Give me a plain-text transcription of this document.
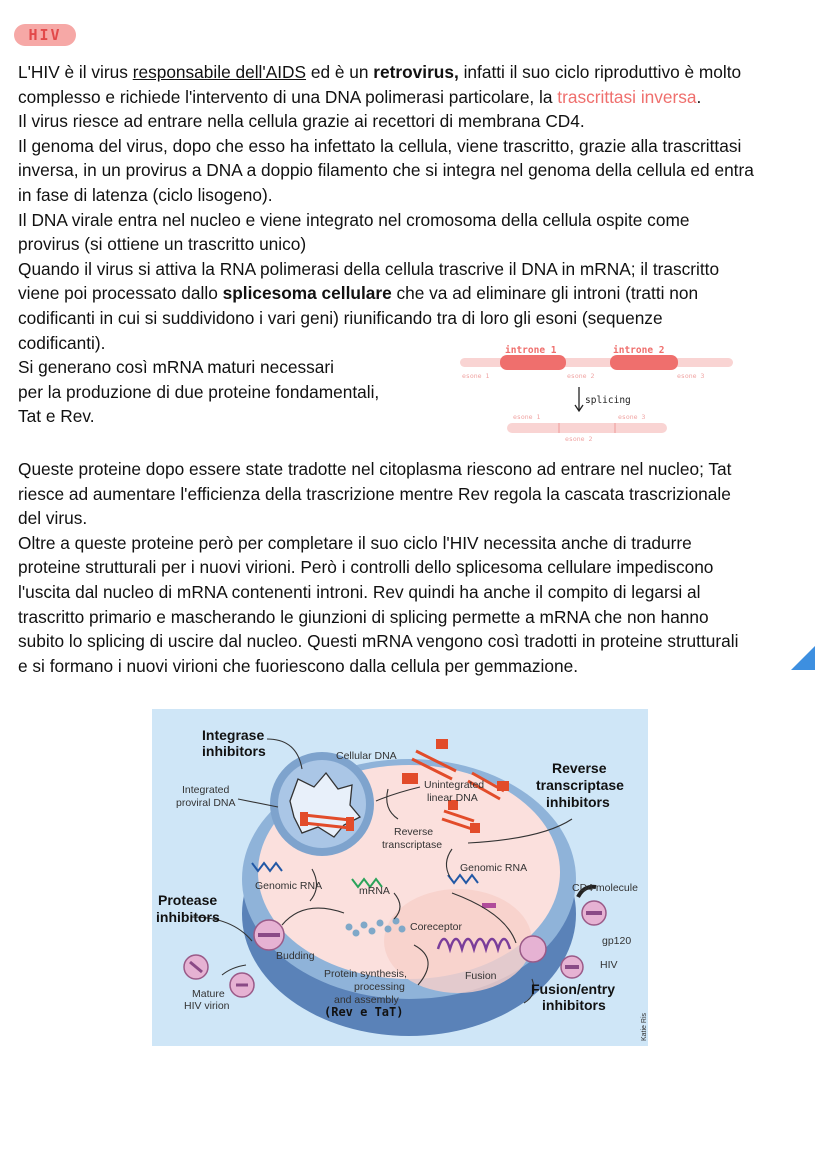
HIV

L'HIV è il virus responsabile dell'AIDS ed è un retrovirus, infatti il suo ciclo riproduttivo è molto

complesso e richiede l'intervento di una DNA polimerasi particolare, la trascrittasi inversa.

Il virus riesce ad entrare nella cellula grazie ai recettori di membrana CD4.

Il genoma del virus, dopo che esso ha infettato la cellula, viene trascritto, grazie alla trascrittasi

inversa, in un provirus a DNA a doppio filamento che si integra nel genoma della cellula ed entra

in fase di latenza (ciclo lisogeno).

Il DNA virale entra nel nucleo e viene integrato nel cromosoma della cellula ospite come

provirus (si ottiene un trascritto unico)

Quando il virus si attiva la RNA polimerasi della cellula trascrive il DNA in mRNA; il trascritto

viene poi processato dallo splicesoma cellulare che va ad eliminare gli introni (tratti non

codificanti in cui si suddividono i vari geni) riunificando tra di loro gli esoni (sequenze

codificanti).

Si generano così mRNA maturi necessari

per la produzione di due proteine fondamentali,

Tat e Rev.

introne 1	introne 2
esone 1	esone 2	esone 3
splicing
esone 1	esone 3
esone 2

Queste proteine dopo essere state tradotte nel citoplasma riescono ad entrare nel nucleo; Tat

riesce ad aumentare l'efficienza della trascrizione mentre Rev regola la cascata trascrizionale

del virus.

Oltre a queste proteine però per completare il suo ciclo l'HIV necessita anche di tradurre

proteine strutturali per i nuovi virioni. Però i controlli dello splicesoma cellulare impediscono

l'uscita dal nucleo di mRNA contenenti introni. Rev quindi ha anche il compito di legarsi al

trascritto primario e mascherando le giunzioni di splicing permette a mRNA che non hanno

subito lo splicing di uscire dal nucleo. Questi mRNA vengono così tradotti in proteine strutturali

e si formano i nuovi virioni che fuoriescono dalla cellula per gemmazione.

Integrase
inhibitors
Reverse
transcriptase
inhibitors
Protease
inhibitors
Fusion/entry
inhibitors
Cellular DNA
Integrated
proviral DNA
Unintegrated
linear DNA
Reverse
transcriptase
Genomic RNA
Genomic RNA
mRNA	CD4 molecule
Coreceptor
gp120
Budding
HIV
Fusion
Protein synthesis,
processing
and assembly
Mature
HIV virion	(Rev e TaT)
Katie Ris
